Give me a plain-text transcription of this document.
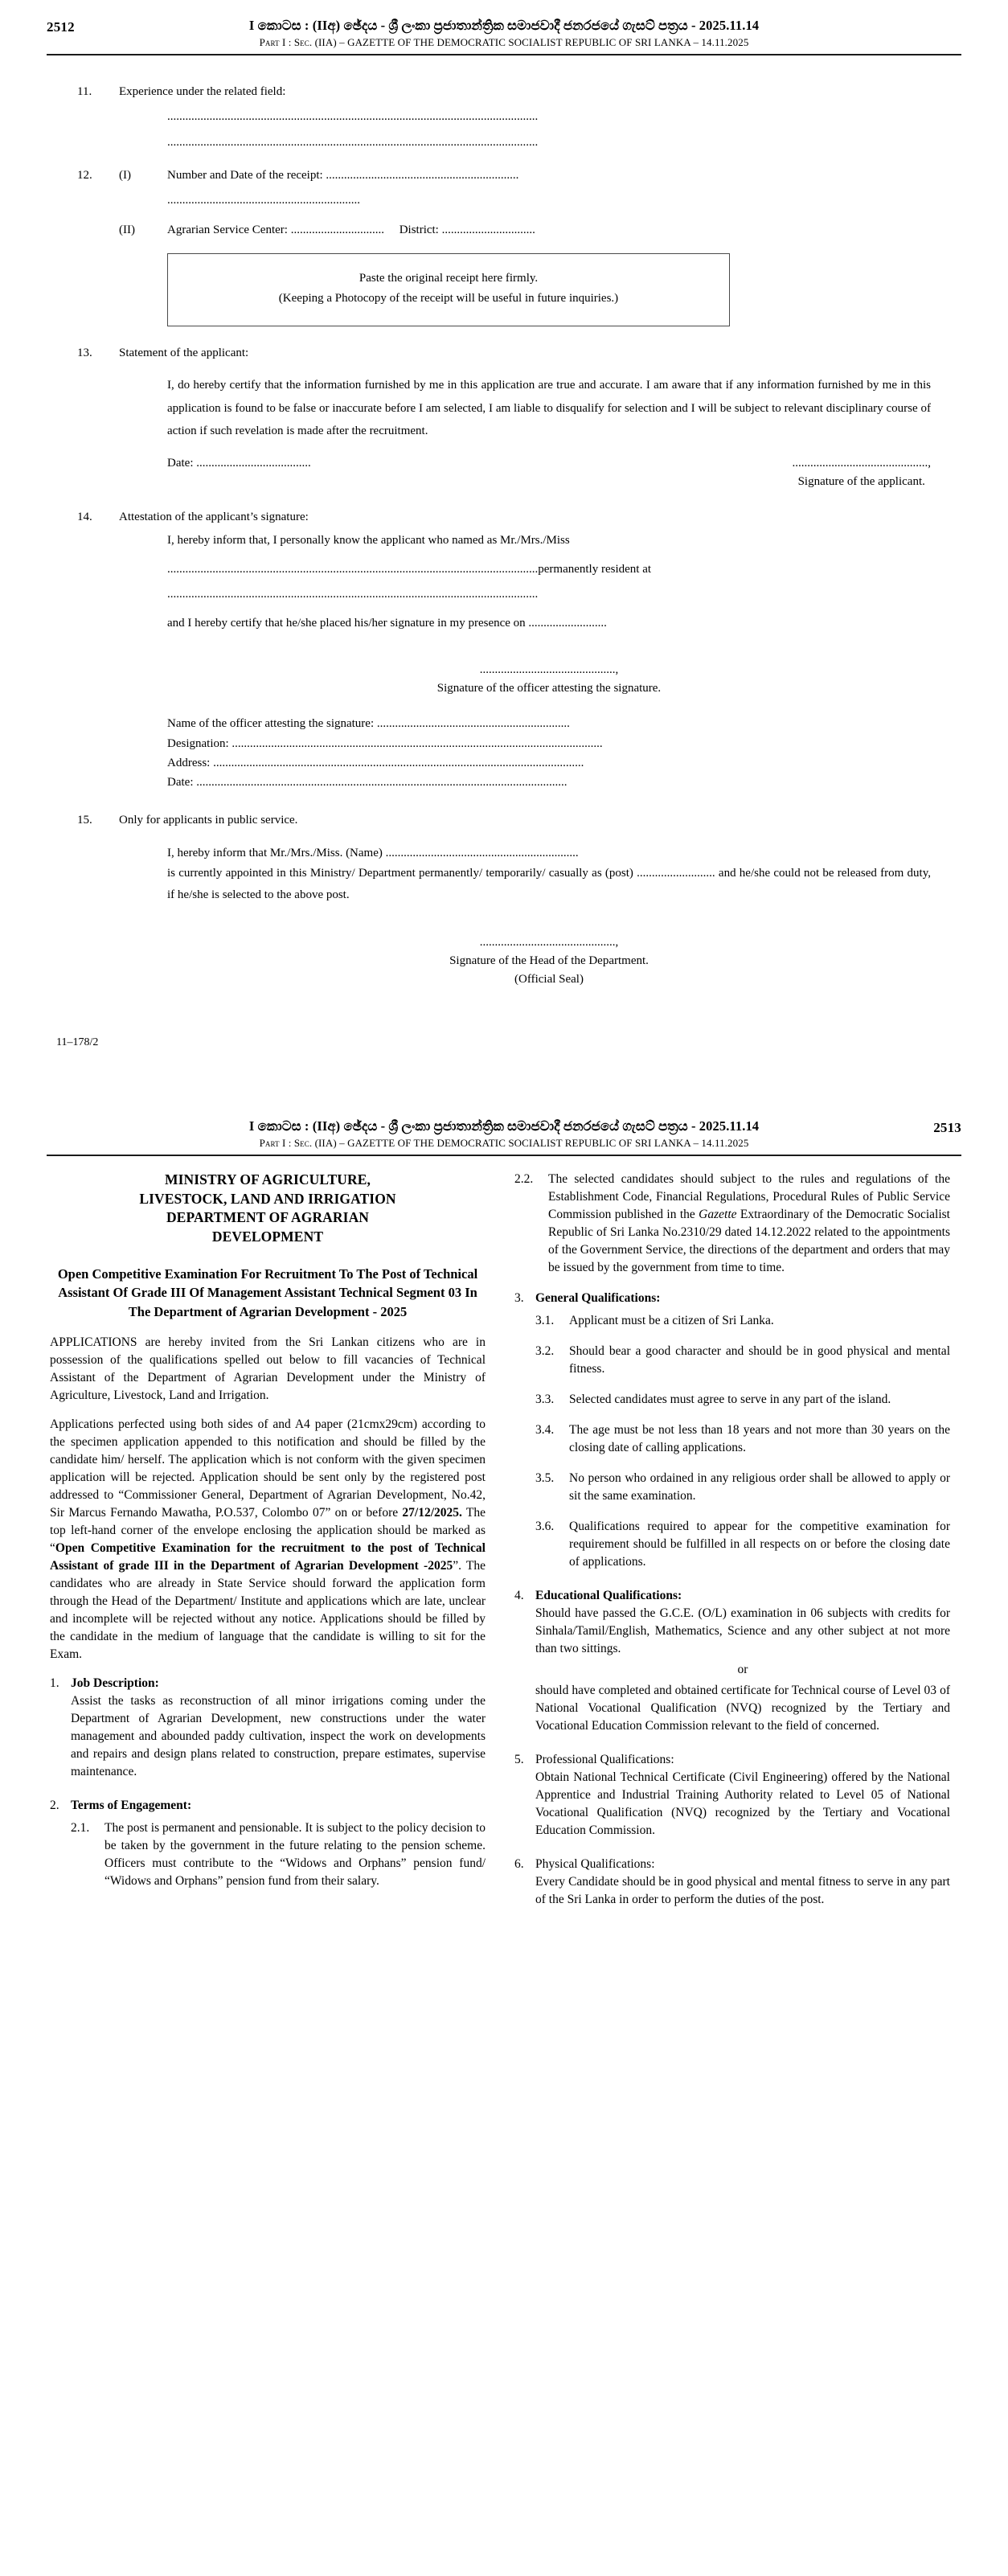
2512	I කොටස : (IIඅ) ඡේදය - ශ්‍රී ලංකා ප්‍රජාතාන්ත්‍රික සමාජවාදී ජනරජයේ ගැසට් පත්‍රය - 2025.11.14
Part I : Sec. (IIA) – GAZETTE OF THE DEMOCRATIC SOCIALIST REPUBLIC OF SRI LANKA – 14.11.2025
11.	Experience under the related field:
...........................................................................................................................
...........................................................................................................................
12.	(I)	Number and Date of the receipt: ................................................................
................................................................
(II)	Agrarian Service Center: ............................... District: ...............................
Paste the original receipt here firmly.
(Keeping a Photocopy of the receipt will be useful in future inquiries.)
13.	Statement of the applicant:
I, do hereby certify that the information furnished by me in this application are true and accurate. I am aware that if any information furnished by me in this application is found to be false or inaccurate before I am selected, I am liable to disqualify for selection and I will be subject to relevant disciplinary course of action if such revelation is made after the recruitment.
Date: ......................................	.............................................,
Signature of the applicant.
14.	Attestation of the applicant’s signature:
I, hereby inform that, I personally know the applicant who named as Mr./Mrs./Miss
...........................................................................................................................permanently resident at
...........................................................................................................................
and I hereby certify that he/she placed his/her signature in my presence on ..........................
.............................................,
Signature of the officer attesting the signature.
Name of the officer attesting the signature: ................................................................
Designation: ...........................................................................................................................
Address: ...........................................................................................................................
Date: ...........................................................................................................................
15.	Only for applicants in public service.
I, hereby inform that Mr./Mrs./Miss. (Name) ................................................................
is currently appointed in this Ministry/ Department permanently/ temporarily/ casually as (post) .......................... and he/she could not be released from duty, if he/she is selected to the above post.
.............................................,
Signature of the Head of the Department.
(Official Seal)
11–178/2
I කොටස : (IIඅ) ඡේදය - ශ්‍රී ලංකා ප්‍රජාතාන්ත්‍රික සමාජවාදී ජනරජයේ ගැසට් පත්‍රය - 2025.11.14
Part I : Sec. (IIA) – GAZETTE OF THE DEMOCRATIC SOCIALIST REPUBLIC OF SRI LANKA – 14.11.2025
2513
MINISTRY OF AGRICULTURE,
LIVESTOCK, LAND AND IRRIGATION
DEPARTMENT OF AGRARIAN
DEVELOPMENT
Open Competitive Examination For Recruitment To The Post of Technical Assistant Of Grade III Of Management Assistant Technical Segment 03 In The Department of Agrarian Development - 2025
APPLICATIONS are hereby invited from the Sri Lankan citizens who are in possession of the qualifications spelled out below to fill vacancies of Technical Assistant of the Department of Agrarian Development under the Ministry of Agriculture, Livestock, Land and Irrigation.
Applications perfected using both sides of and A4 paper (21cmx29cm) according to the specimen application appended to this notification and should be filled by the candidate him/ herself. The application which is not conform with the given specimen application will be rejected. Application should be sent only by the registered post addressed to “Commissioner General, Department of Agrarian Development, No.42, Sir Marcus Fernando Mawatha, P.O.537, Colombo 07” on or before 27/12/2025. The top left-hand corner of the envelope enclosing the application should be marked as “Open Competitive Examination for the recruitment to the post of Technical Assistant of grade III in the Department of Agrarian Development -2025”. The candidates who are already in State Service should forward the application form through the Head of the Department/ Institute and applications which are late, unclear and incomplete will be rejected without any notice. Applications should be filled by the candidate in the medium of language that the candidate is willing to sit for the Exam.
1. Job Description:
Assist the tasks as reconstruction of all minor irrigations coming under the Department of Agrarian Development, new constructions under the water management and abounded paddy cultivation, inspect the work on developments and repairs and design plans related to construction, prepare estimates, supervise maintenance.
2. Terms of Engagement:
2.1.	The post is permanent and pensionable. It is subject to the policy decision to be taken by the government in the future relating to the pension scheme. Officers must contribute to the “Widows and Orphans” pension fund/ “Widows and Orphans” pension fund from their salary.
2.2.	The selected candidates should subject to the rules and regulations of the Establishment Code, Financial Regulations, Procedural Rules of Public Service Commission published in the Gazette Extraordinary of the Democratic Socialist Republic of Sri Lanka No.2310/29 dated 14.12.2022 related to the appointments of the Government Service, the directions of the department and orders that may be issued by the government from time to time.
3. General Qualifications:
3.1.	Applicant must be a citizen of Sri Lanka.
3.2.	Should bear a good character and should be in good physical and mental fitness.
3.3.	Selected candidates must agree to serve in any part of the island.
3.4.	The age must be not less than 18 years and not more than 30 years on the closing date of calling applications.
3.5.	No person who ordained in any religious order shall be allowed to apply or sit the same examination.
3.6.	Qualifications required to appear for the competitive examination for requirement should be fulfilled in all respects on or before the closing date of applications.
4. Educational Qualifications:
Should have passed the G.C.E. (O/L) examination in 06 subjects with credits for Sinhala/Tamil/English, Mathematics, Science and any other subject at not more than two sittings.
or
should have completed and obtained certificate for Technical course of Level 03 of National Vocational Qualification (NVQ) recognized by the Tertiary and Vocational Education Commission relevant to the field of concerned.
5. Professional Qualifications:
Obtain National Technical Certificate (Civil Engineering) offered by the National Apprentice and Industrial Training Authority related to Level 05 of National Vocational Qualification (NVQ) recognized by the Tertiary and Vocational Education Commission.
6. Physical Qualifications:
Every Candidate should be in good physical and mental fitness to serve in any part of the Sri Lanka in order to perform the duties of the post.
